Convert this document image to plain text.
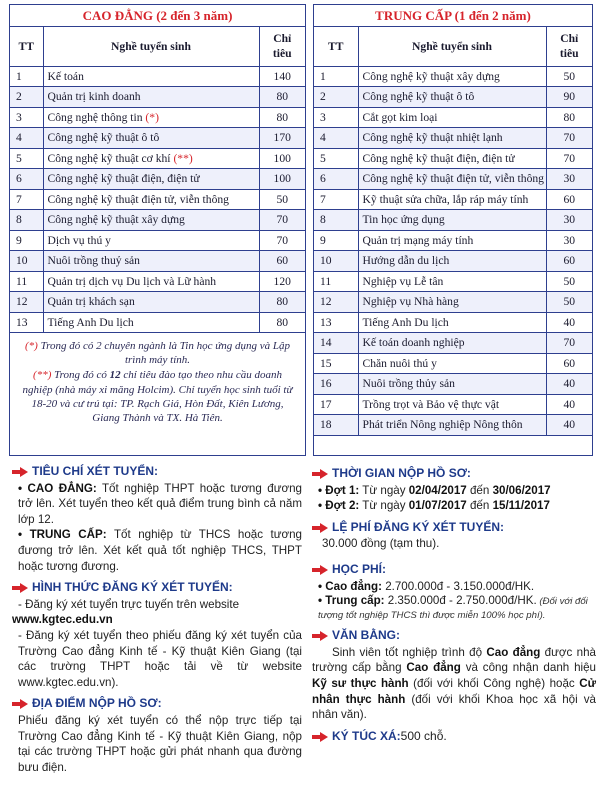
CAO ĐẲNG (2 đến 3 năm)
TT	Nghề tuyển sinh	Chỉ tiêu
1	Kế toán	140
2	Quản trị kinh doanh	80
3	Công nghệ thông tin (*)	80
4	Công nghệ kỹ thuật ô tô	170
5	Công nghệ kỹ thuật cơ khí (**)	100
6	Công nghệ kỹ thuật điện, điện tử	100
7	Công nghệ kỹ thuật điện tử, viễn thông	50
8	Công nghệ kỹ thuật xây dựng	70
9	Dịch vụ thú y	70
10	Nuôi trồng thuỷ sản	60
11	Quản trị dịch vụ Du lịch và Lữ hành	120
12	Quản trị khách sạn	80
13	Tiếng Anh Du lịch	80

(*) Trong đó có 2 chuyên ngành là Tin học ứng dụng và Lập trình máy tính.

(**) Trong đó có 12 chỉ tiêu đào tạo theo nhu cầu doanh nghiệp (nhà máy xi măng Holcim). Chỉ tuyển học sinh tuổi từ 18-20 và cư trú tại: TP. Rạch Giá, Hòn Đất, Kiên Lương, Giang Thành và TX. Hà Tiên.

TRUNG CẤP (1 đến 2 năm)
TT	Nghề tuyển sinh	Chỉ tiêu
1	Công nghệ kỹ thuật xây dựng	50
2	Công nghệ kỹ thuật ô tô	90
3	Cắt gọt kim loại	80
4	Công nghệ kỹ thuật nhiệt lạnh	70
5	Công nghệ kỹ thuật điện, điện tử	70
6	Công nghệ kỹ thuật điện tử, viễn thông	30
7	Kỹ thuật sửa chữa, lắp ráp máy tính	60
8	Tin học ứng dụng	30
9	Quản trị mạng máy tính	30
10	Hướng dẫn du lịch	60
11	Nghiệp vụ Lễ tân	50
12	Nghiệp vụ Nhà hàng	50
13	Tiếng Anh Du lịch	40
14	Kế toán doanh nghiệp	70
15	Chăn nuôi thú y	60
16	Nuôi trồng thủy sản	40
17	Trồng trọt và Bảo vệ thực vật	40
18	Phát triển Nông nghiệp Nông thôn	40
TIÊU CHÍ XÉT TUYỂN:
• CAO ĐẲNG: Tốt nghiệp THPT hoặc tương đương trở lên. Xét tuyển theo kết quả điểm trung bình cả năm lớp 12.
• TRUNG CẤP: Tốt nghiệp từ THCS hoặc tương đương trở lên. Xét kết quả tốt nghiệp THCS, THPT hoặc tương đương.
HÌNH THỨC ĐĂNG KÝ XÉT TUYỂN:
- Đăng ký xét tuyển trực tuyến trên website
www.kgtec.edu.vn
- Đăng ký xét tuyển theo phiếu đăng ký xét tuyển của Trường Cao đẳng Kinh tế - Kỹ thuật Kiên Giang (tại các trường THPT hoặc tải về từ website www.kgtec.edu.vn).
ĐỊA ĐIỂM NỘP HỒ SƠ:
Phiếu đăng ký xét tuyển có thể nộp trực tiếp tại Trường Cao đẳng Kinh tế - Kỹ thuật Kiên Giang, nộp tại các trường THPT hoặc gửi phát nhanh qua đường bưu điện.
THỜI GIAN NỘP HỒ SƠ:
• Đợt 1: Từ ngày 02/04/2017 đến 30/06/2017
• Đợt 2: Từ ngày 01/07/2017 đến 15/11/2017
LỆ PHÍ ĐĂNG KÝ XÉT TUYỂN:
30.000 đồng (tạm thu).
HỌC PHÍ:
• Cao đẳng: 2.700.000đ - 3.150.000đ/HK.
• Trung cấp: 2.350.000đ - 2.750.000đ/HK. (Đối với đối tượng tốt nghiệp THCS thì được miễn 100% học phí).
VĂN BẰNG:
Sinh viên tốt nghiệp trình độ Cao đẳng được nhà trường cấp bằng Cao đẳng và công nhận danh hiệu Kỹ sư thực hành (đối với khối Công nghệ) hoặc Cử nhân thực hành (đối với khối Khoa học xã hội và nhân văn).
KÝ TÚC XÁ: 500 chỗ.
